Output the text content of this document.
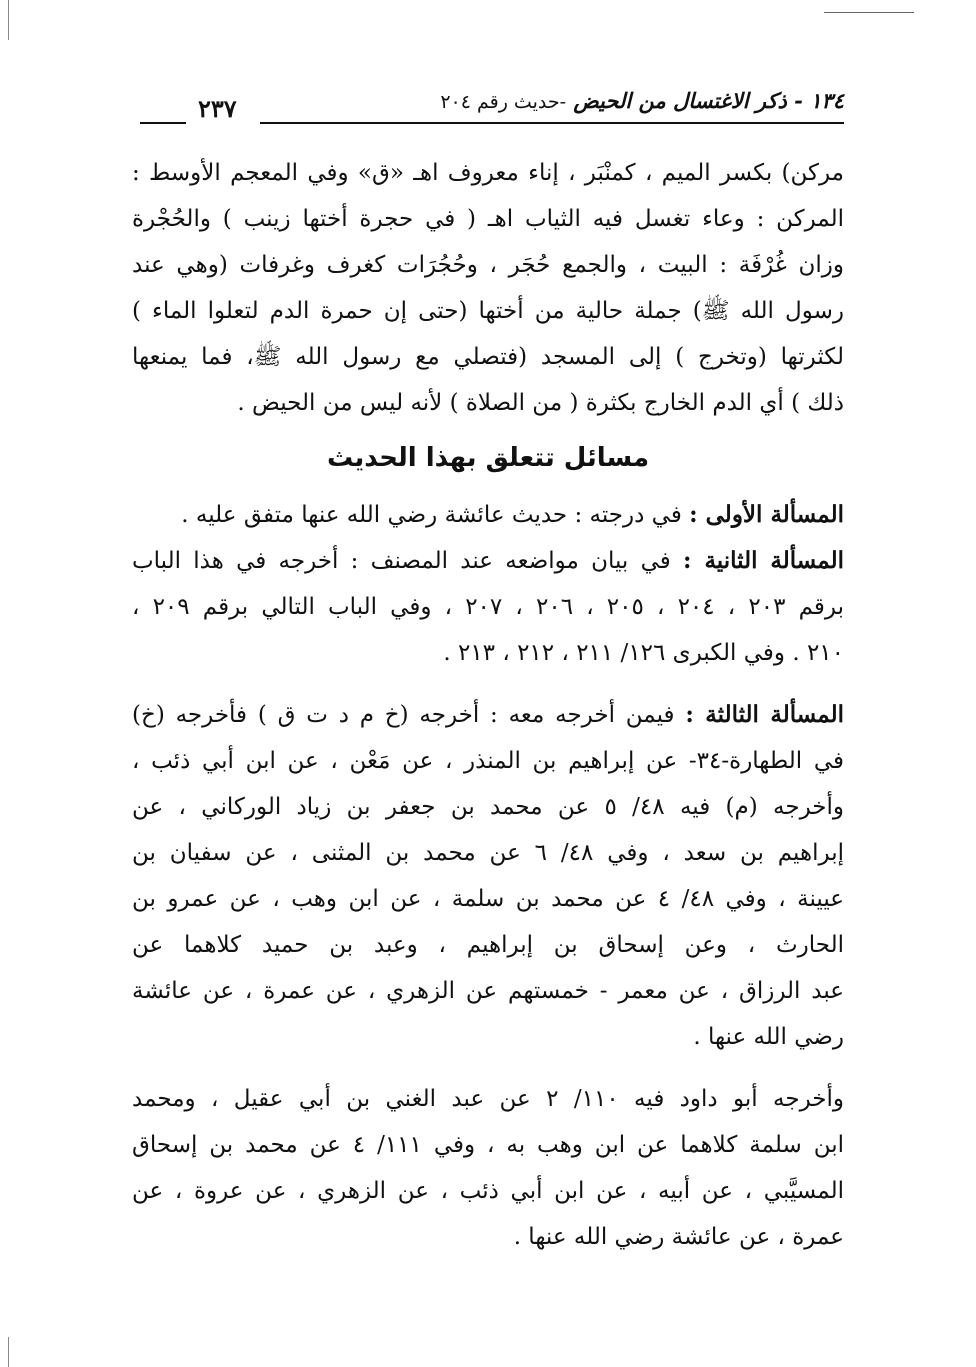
١٣٤ - ذكر الاغتسال من الحيض -حديث رقم ٢٠٤
٢٣٧
مركن) بكسر الميم ، كمنْبَر ، إناء معروف اهـ «ق» وفي المعجم الأوسط :
المركن : وعاء تغسل فيه الثياب اهـ ( في حجرة أختها زينب ) والحُجْرة
وزان غُرْفَة : البيت ، والجمع حُجَر ، وحُجُرَات كغرف وغرفات (وهي عند
رسول الله ﷺ) جملة حالية من أختها (حتى إن حمرة الدم لتعلوا الماء )
لكثرتها (وتخرج ) إلى المسجد (فتصلي مع رسول الله ﷺ، فما يمنعها
ذلك ) أي الدم الخارج بكثرة ( من الصلاة ) لأنه ليس من الحيض .
مسائل تتعلق بهذا الحديث
المسألة الأولى : في درجته : حديث عائشة رضي الله عنها متفق عليه .
المسألة الثانية : في بيان مواضعه عند المصنف : أخرجه في هذا الباب
برقم ٢٠٣ ، ٢٠٤ ، ٢٠٥ ، ٢٠٦ ، ٢٠٧ ، وفي الباب التالي برقم ٢٠٩ ،
٢١٠ . وفي الكبرى ١٢٦/ ٢١١ ، ٢١٢ ، ٢١٣ .
المسألة الثالثة : فيمن أخرجه معه : أخرجه (خ م د ت ق ) فأخرجه (خ)
في الطهارة-٣٤- عن إبراهيم بن المنذر ، عن مَعْن ، عن ابن أبي ذئب ،
وأخرجه (م) فيه ٤٨/ ٥ عن محمد بن جعفر بن زياد الوركاني ، عن
إبراهيم بن سعد ، وفي ٤٨/ ٦ عن محمد بن المثنى ، عن سفيان بن
عيينة ، وفي ٤٨/ ٤ عن محمد بن سلمة ، عن ابن وهب ، عن عمرو بن
الحارث ، وعن إسحاق بن إبراهيم ، وعبد بن حميد كلاهما عن
عبد الرزاق ، عن معمر - خمستهم عن الزهري ، عن عمرة ، عن عائشة
رضي الله عنها .
وأخرجه أبو داود فيه ١١٠/ ٢ عن عبد الغني بن أبي عقيل ، ومحمد
ابن سلمة كلاهما عن ابن وهب به ، وفي ١١١/ ٤ عن محمد بن إسحاق
المسيَّبي ، عن أبيه ، عن ابن أبي ذئب ، عن الزهري ، عن عروة ، عن
عمرة ، عن عائشة رضي الله عنها .
